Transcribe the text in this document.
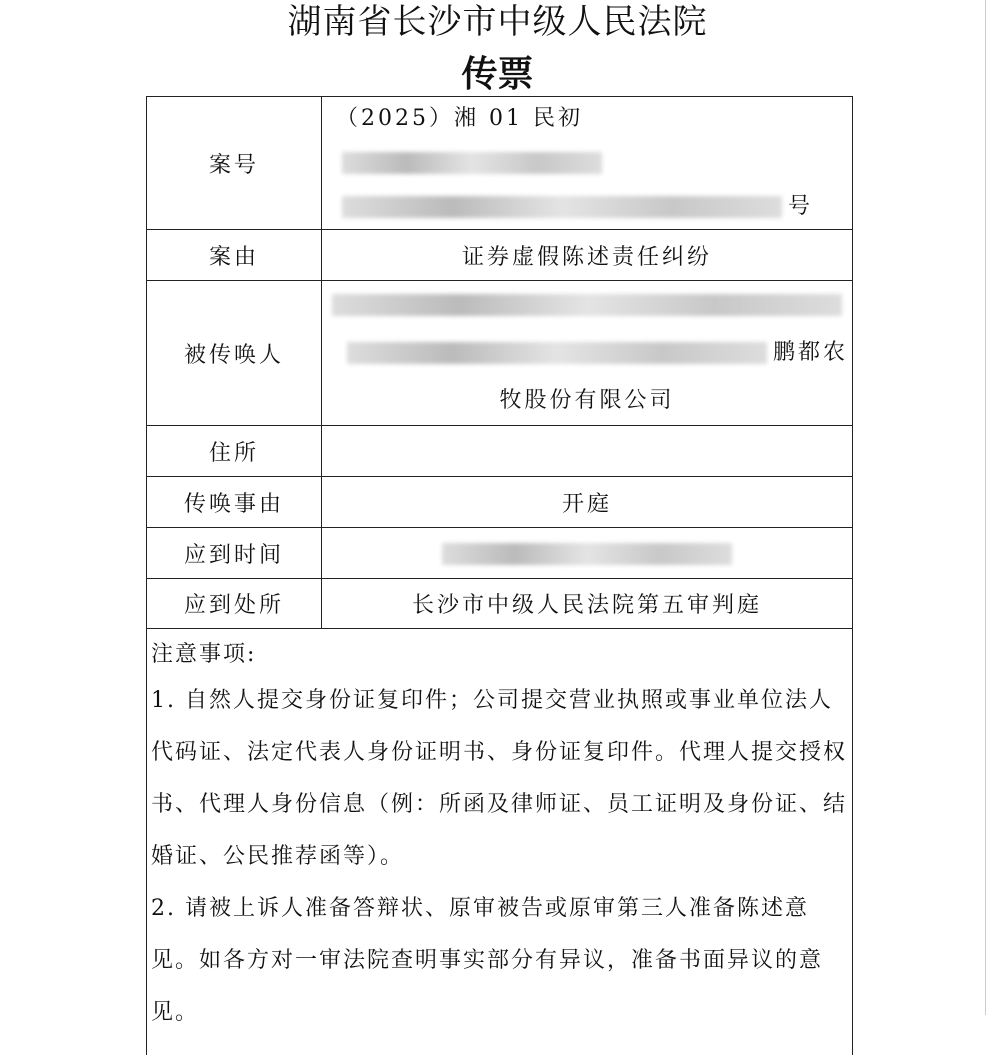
湖南省长沙市中级人民法院
传票
案号	（2025）湘 01 民初
号
案由	证券虚假陈述责任纠纷
被传唤人	鹏都农

牧股份有限公司

住所	
传唤事由	开庭
应到时间	
应到处所	长沙市中级人民法院第五审判庭

注意事项:
1. 自然人提交身份证复印件；公司提交营业执照或事业单位法人代码证、法定代表人身份证明书、身份证复印件。代理人提交授权书、代理人身份信息（例：所函及律师证、员工证明及身份证、结婚证、公民推荐函等）。
2. 请被上诉人准备答辩状、原审被告或原审第三人准备陈述意见。如各方对一审法院查明事实部分有异议，准备书面异议的意见。	
